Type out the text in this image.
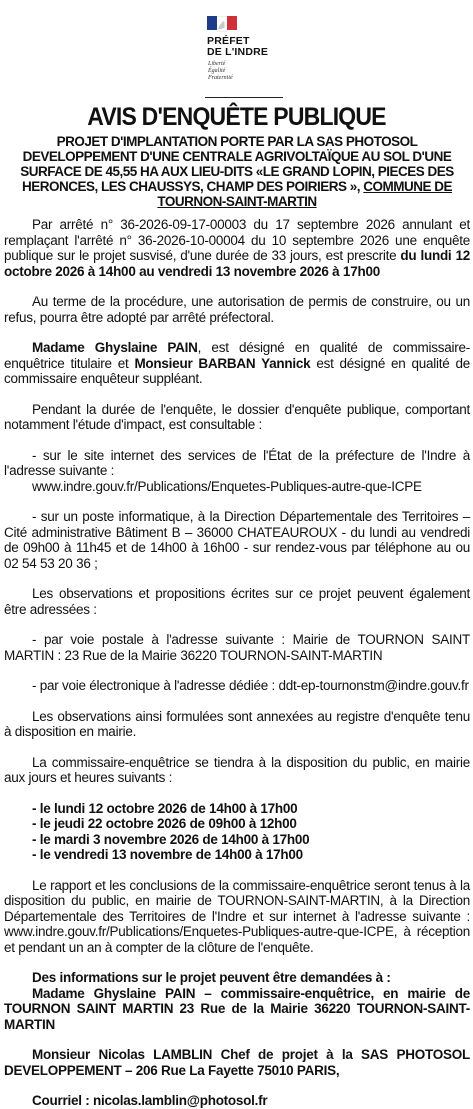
PRÉFET
DE L'INDRE
Liberté
Égalité
Fraternité
AVIS D'ENQUÊTE PUBLIQUE

PROJET D'IMPLANTATION PORTE PAR LA SAS PHOTOSOL DEVELOPPEMENT D'UNE CENTRALE AGRIVOLTAÏQUE AU SOL D'UNE SURFACE DE 45,55 HA AUX LIEU-DITS «LE GRAND LOPIN, PIECES DES HERONCES, LES CHAUSSYS, CHAMP DES POIRIERS », COMMUNE DE TOURNON-SAINT-MARTIN

Par arrêté n° 36-2026-09-17-00003 du 17 septembre 2026 annulant et remplaçant l'arrêté n° 36-2026-10-00004 du 10 septembre 2026 une enquête publique sur le projet susvisé, d'une durée de 33 jours, est prescrite du lundi 12 octobre 2026 à 14h00 au vendredi 13 novembre 2026 à 17h00

Au terme de la procédure, une autorisation de permis de construire, ou un refus, pourra être adopté par arrêté préfectoral.

Madame Ghyslaine PAIN, est désigné en qualité de commissaire-enquêtrice titulaire et Monsieur BARBAN Yannick est désigné en qualité de commissaire enquêteur suppléant.

Pendant la durée de l'enquête, le dossier d'enquête publique, comportant notamment l'étude d'impact, est consultable :

- sur le site internet des services de l'État de la préfecture de l'Indre à l'adresse suivante :

www.indre.gouv.fr/Publications/Enquetes-Publiques-autre-que-ICPE

- sur un poste informatique, à la Direction Départementale des Territoires – Cité administrative Bâtiment B – 36000 CHATEAUROUX - du lundi au vendredi de 09h00 à 11h45 et de 14h00 à 16h00 - sur rendez-vous par téléphone au ou 02 54 53 20 36 ;

Les observations et propositions écrites sur ce projet peuvent également être adressées :

- par voie postale à l'adresse suivante : Mairie de TOURNON SAINT MARTIN : 23 Rue de la Mairie 36220 TOURNON-SAINT-MARTIN

- par voie électronique à l'adresse dédiée : ddt-ep-tournonstm@indre.gouv.fr

Les observations ainsi formulées sont annexées au registre d'enquête tenu à disposition en mairie.

La commissaire-enquêtrice se tiendra à la disposition du public, en mairie aux jours et heures suivants :

- le lundi 12 octobre 2026 de 14h00 à 17h00
- le jeudi 22 octobre 2026 de 09h00 à 12h00
- le mardi 3 novembre 2026 de 14h00 à 17h00
- le vendredi 13 novembre de 14h00 à 17h00

Le rapport et les conclusions de la commissaire-enquêtrice seront tenus à la disposition du public, en mairie de TOURNON-SAINT-MARTIN, à la Direction Départementale des Territoires de l'Indre et sur internet à l'adresse suivante : www.indre.gouv.fr/Publications/Enquetes-Publiques-autre-que-ICPE, à réception et pendant un an à compter de la clôture de l'enquête.

Des informations sur le projet peuvent être demandées à :

Madame Ghyslaine PAIN – commissaire-enquêtrice, en mairie de TOURNON SAINT MARTIN 23 Rue de la Mairie 36220 TOURNON-SAINT-MARTIN

Monsieur Nicolas LAMBLIN Chef de projet à la SAS PHOTOSOL DEVELOPPEMENT – 206 Rue La Fayette 75010 PARIS,

Courriel : nicolas.lamblin@photosol.fr
